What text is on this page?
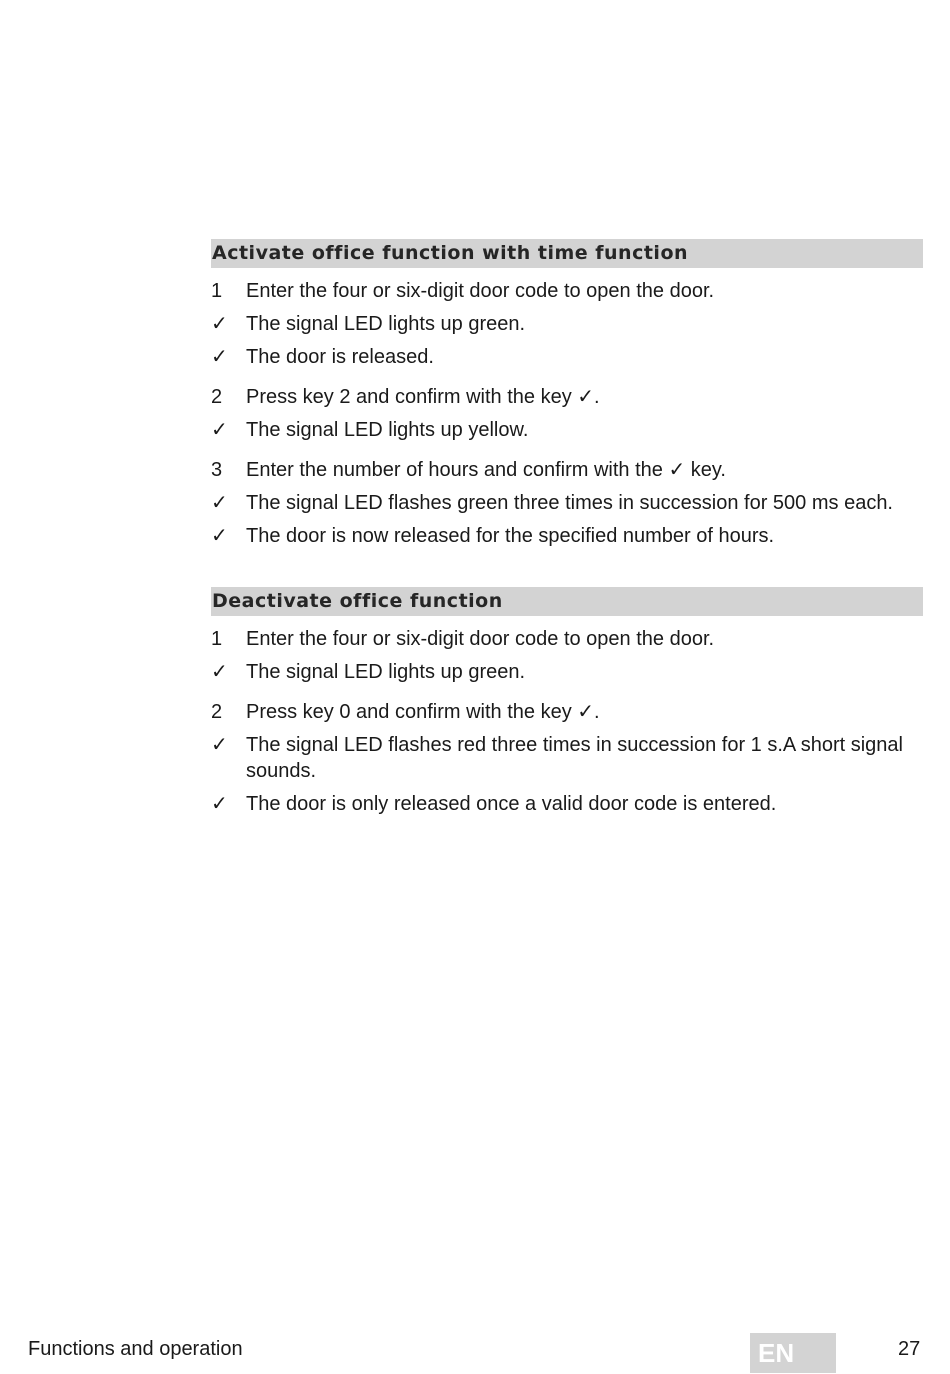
Activate office function with time function
1	Enter the four or six-digit door code to open the door.
✓ The signal LED lights up green.
✓ The door is released.
2	Press key 2 and confirm with the key ✓.
✓ The signal LED lights up yellow.
3	Enter the number of hours and confirm with the ✓ key.
✓ The signal LED flashes green three times in succession for 500 ms each.
✓ The door is now released for the specified number of hours.
Deactivate office function
1	Enter the four or six-digit door code to open the door.
✓ The signal LED lights up green.
2	Press key 0 and confirm with the key ✓.
✓ The signal LED flashes red three times in succession for 1 s.A short signal sounds.
✓ The door is only released once a valid door code is entered.
Functions and operation	EN	27
